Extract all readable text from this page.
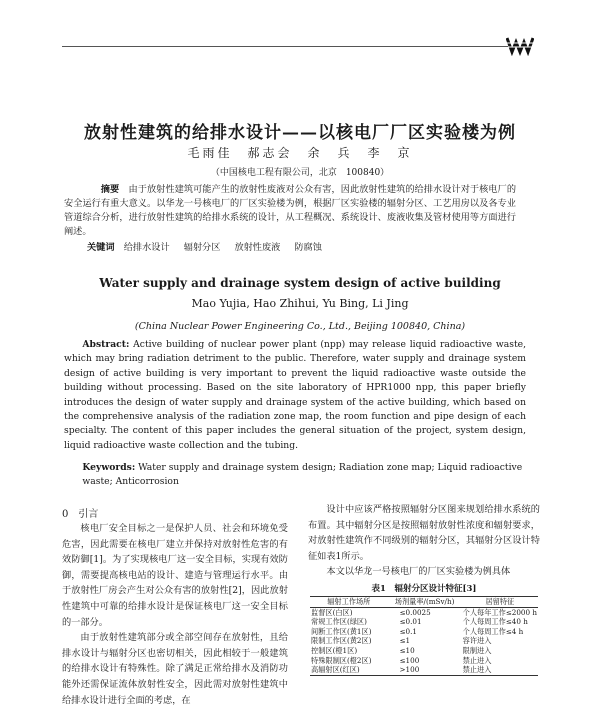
放射性建筑的给排水设计——以核电厂厂区实验楼为例
毛雨佳　郝志会　余　兵　李　京
（中国核电工程有限公司，北京　100840）
摘要　 由于放射性建筑可能产生的放射性废液对公众有害，因此放射性建筑的给排水设计对于核电厂的安全运行有重大意义。以华龙一号核电厂的厂区实验楼为例，根据厂区实验楼的辐射分区、工艺用房以及各专业管道综合分析，进行放射性建筑的给排水系统的设计，从工程概况、系统设计、废液收集及管材使用等方面进行阐述。
关键词　 给排水设计 辐射分区 放射性废液 防腐蚀
Water supply and drainage system design of active building
Mao Yujia, Hao Zhihui, Yu Bing, Li Jing
(China Nuclear Power Engineering Co., Ltd., Beijing 100840, China)
Abstract: Active building of nuclear power plant (npp) may release liquid radioactive waste, which may bring radiation detriment to the public. Therefore, water supply and drainage system design of active building is very important to prevent the liquid radioactive waste outside the building without processing. Based on the site laboratory of HPR1000 npp, this paper briefly introduces the design of water supply and drainage system of the active building, which based on the comprehensive analysis of the radiation zone map, the room function and pipe design of each specialty. The content of this paper includes the general situation of the project, system design, liquid radioactive waste collection and the tubing.
Keywords: Water supply and drainage system design; Radiation zone map; Liquid radioactive waste; Anticorrosion
0　引言

核电厂安全目标之一是保护人员、社会和环境免受危害，因此需要在核电厂建立并保持对放射性危害的有效防御[1]。为了实现核电厂这一安全目标，实现有效防御，需要提高核电站的设计、建造与管理运行水平。由于放射性厂房会产生对公众有害的放射性[2]，因此放射性建筑中可靠的给排水设计是保证核电厂这一安全目标的一部分。

由于放射性建筑部分或全部空间存在放射性，且给排水设计与辐射分区也密切相关，因此相较于一般建筑的给排水设计有特殊性。除了满足正常给排水及消防功能外还需保证流体放射性安全，因此需对放射性建筑中给排水设计进行全面的考虑，在

设计中应该严格按照辐射分区图来规划给排水系统的布置。其中辐射分区是按照辐射放射性浓度和辐射要求，对放射性建筑作不同级别的辐射分区，其辐射分区设计特征如表1所示。

本文以华龙一号核电厂的厂区实验楼为例具体

表1　 辐射分区设计特征[3]
辐射工作场所	场剂量率/(mSv/h)	居留特征
监督区(白区)	≤0.0025	个人每年工作≤2000 h
常规工作区(绿区)	≤0.01	个人每周工作≤40 h
间断工作区(黄1区)	≤0.1	个人每周工作≤4 h
限制工作区(黄2区)	≤1	容许进入
控制区(橙1区)	≤10	限制进入
特殊限制区(橙2区)	≤100	禁止进入
高辐射区(红区)	>100	禁止进入
